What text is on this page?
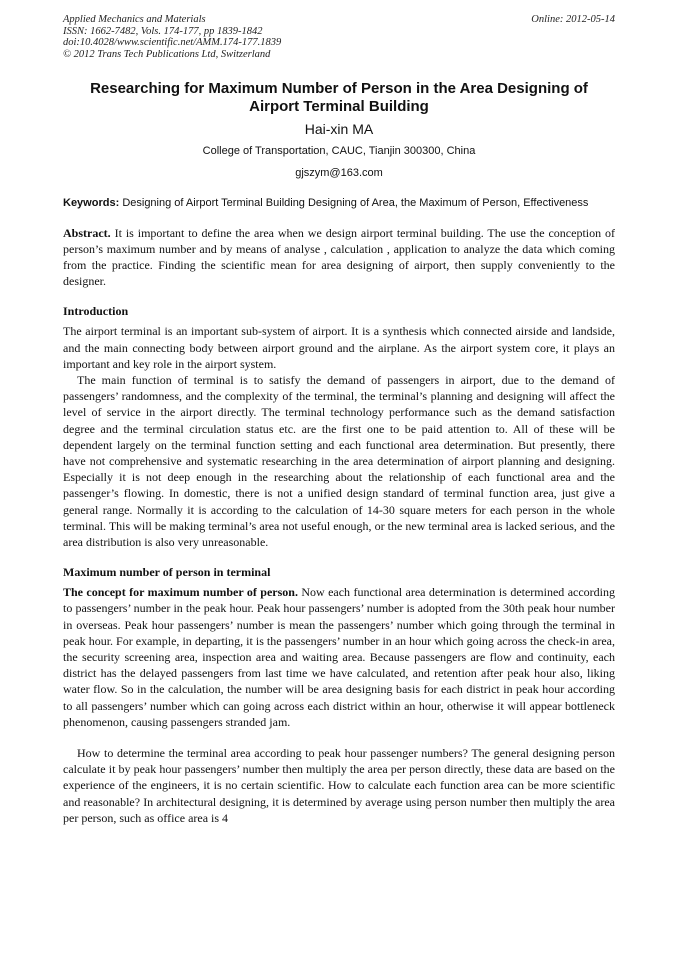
Applied Mechanics and Materials
ISSN: 1662-7482, Vols. 174-177, pp 1839-1842
doi:10.4028/www.scientific.net/AMM.174-177.1839
© 2012 Trans Tech Publications Ltd, Switzerland
Online: 2012-05-14
Researching for Maximum Number of Person in the Area Designing of Airport Terminal Building
Hai-xin MA
College of Transportation, CAUC, Tianjin 300300, China
gjszym@163.com
Keywords: Designing of Airport Terminal Building Designing of Area, the Maximum of Person, Effectiveness
Abstract. It is important to define the area when we design airport terminal building. The use the conception of person’s maximum number and by means of analyse , calculation , application to analyze the data which coming from the practice. Finding the scientific mean for area designing of airport, then supply conveniently to the designer.
Introduction

The airport terminal is an important sub-system of airport. It is a synthesis which connected airside and landside, and the main connecting body between airport ground and the airplane. As the airport system core, it plays an important and key role in the airport system.

The main function of terminal is to satisfy the demand of passengers in airport, due to the demand of passengers’ randomness, and the complexity of the terminal, the terminal’s planning and designing will affect the level of service in the airport directly. The terminal technology performance such as the demand satisfaction degree and the terminal circulation status etc. are the first one to be paid attention to. All of these will be dependent largely on the terminal function setting and each functional area determination. But presently, there have not comprehensive and systematic researching in the area determination of airport planning and designing. Especially it is not deep enough in the researching about the relationship of each functional area and the passenger’s flowing. In domestic, there is not a unified design standard of terminal function area, just give a general range. Normally it is according to the calculation of 14-30 square meters for each person in the whole terminal. This will be making terminal’s area not useful enough, or the new terminal area is lacked serious, and the area distribution is also very unreasonable.

Maximum number of person in terminal

The concept for maximum number of person. Now each functional area determination is determined according to passengers’ number in the peak hour. Peak hour passengers’ number is adopted from the 30th peak hour number in overseas. Peak hour passengers’ number is mean the passengers’ number which going through the terminal in peak hour. For example, in departing, it is the passengers’ number in an hour which going across the check-in area, the security screening area, inspection area and waiting area. Because passengers are flow and continuity, each district has the delayed passengers from last time we have calculated, and retention after peak hour also, liking water flow. So in the calculation, the number will be area designing basis for each district in peak hour according to all passengers’ number which can going across each district within an hour, otherwise it will appear bottleneck phenomenon, causing passengers stranded jam.

How to determine the terminal area according to peak hour passenger numbers? The general designing person calculate it by peak hour passengers’ number then multiply the area per person directly, these data are based on the experience of the engineers, it is no certain scientific. How to calculate each function area can be more scientific and reasonable? In architectural designing, it is determined by average using person number then multiply the area per person, such as office area is 4
